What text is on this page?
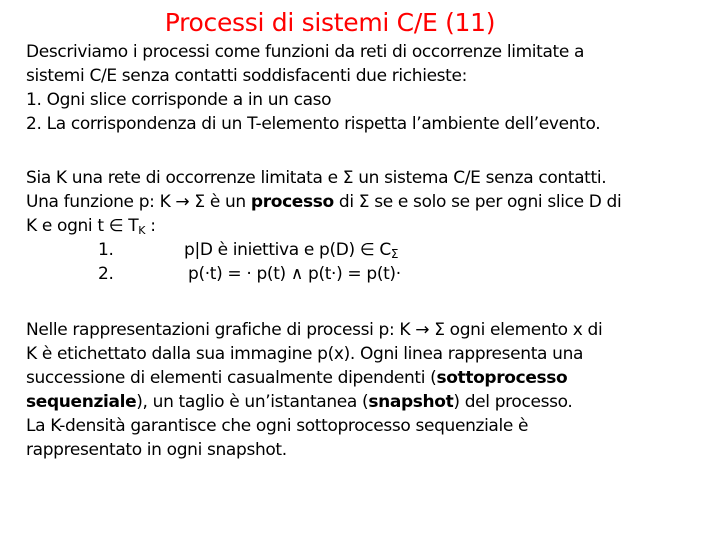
Processi di sistemi C/E (11)
Descriviamo i processi come funzioni da reti di occorrenze limitate a
sistemi C/E senza contatti soddisfacenti due richieste:
1. Ogni slice corrisponde a in un caso
2. La corrispondenza di un T-elemento rispetta l’ambiente dell’evento.
Sia K una rete di occorrenze limitata e Σ un sistema C/E senza contatti.
Una funzione p: K → Σ è un processo di Σ se e solo se per ogni slice D di
K e ogni t ∈ TK :
1.	p|D è iniettiva e p(D) ∈ CΣ
2.	p(·t) = · p(t) ∧ p(t·) = p(t)·
Nelle rappresentazioni grafiche di processi p: K → Σ ogni elemento x di
K è etichettato dalla sua immagine p(x). Ogni linea rappresenta una
successione di elementi casualmente dipendenti (sottoprocesso
sequenziale), un taglio è un’istantanea (snapshot) del processo.
La K-densità garantisce che ogni sottoprocesso sequenziale è
rappresentato in ogni snapshot.
